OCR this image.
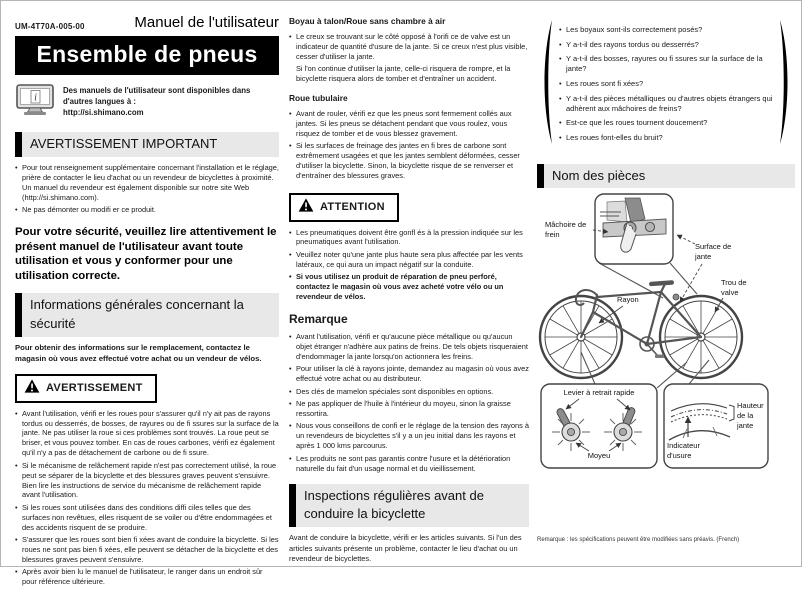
UM-4T70A-005-00	Manuel de l'utilisateur
Ensemble de pneus
i
Des manuels de l'utilisateur sont disponibles dans
d'autres langues à :
http://si.shimano.com
AVERTISSEMENT IMPORTANT
• Pour tout renseignement supplémentaire concernant l'installation et le réglage, prière de contacter le lieu d'achat ou un revendeur de bicyclettes à proximité. Un manuel du revendeur est également disponible sur notre site Web (http://si.shimano.com).
• Ne pas démonter ou modifi er ce produit.
Pour votre sécurité, veuillez lire attentivement le présent manuel de l'utilisateur avant toute utilisation et vous y conformer pour une utilisation correcte.
Informations générales concernant la sécurité
Pour obtenir des informations sur le remplacement, contactez le magasin où vous avez effectué votre achat ou un vendeur de vélos.
AVERTISSEMENT
• Avant l'utilisation, vérifi er les roues pour s'assurer qu'il n'y ait pas de rayons tordus ou desserrés, de bosses, de rayures ou de fi ssures sur la surface de la jante. Ne pas utiliser la roue si ces problèmes sont trouvés. La roue peut se briser, et vous pouvez tomber. En cas de roues carbones, vérifi ez également qu'il n'y a pas de détachement de carbone ou de fi ssure.
• Si le mécanisme de relâchement rapide n'est pas correctement utilisé, la roue peut se séparer de la bicyclette et des blessures graves peuvent s'ensuivre. Bien lire les instructions de service du mécanisme de relâchement rapide avant l'utilisation.
• Si les roues sont utilisées dans des conditions diffi ciles telles que des surfaces non revêtues, elles risquent de se voiler ou d'être endommagées et des accidents risquent de se produire.
• S'assurer que les roues sont bien fi xées avant de conduire la bicyclette. Si les roues ne sont pas bien fi xées, elle peuvent se détacher de la bicyclette et des blessures graves peuvent s'ensuivre.
• Après avoir bien lu le manuel de l'utilisateur, le ranger dans un endroit sûr pour référence ultérieure.
Boyau à talon/Roue sans chambre à air
• Le creux se trouvant sur le côté opposé à l'orifi ce de valve est un indicateur de quantité d'usure de la jante. Si ce creux n'est plus visible, cesser d'utiliser la jante.
Si l'on continue d'utiliser la jante, celle-ci risquera de rompre, et la bicyclette risquera alors de tomber et d'entraîner un accident.
Roue tubulaire
• Avant de rouler, vérifi ez que les pneus sont fermement collés aux jantes. Si les pneus se détachent pendant que vous roulez, vous risquez de tomber et de vous blessez gravement.
• Si les surfaces de freinage des jantes en fi bres de carbone sont extrêmement usagées et que les jantes semblent déformées, cesser d'utiliser la bicyclette. Sinon, la bicyclette risque de se renverser et d'entraîner des blessures graves.
ATTENTION
• Les pneumatiques doivent être gonfl és à la pression indiquée sur les pneumatiques avant l'utilisation.
• Veuillez noter qu'une jante plus haute sera plus affectée par les vents latéraux, ce qui aura un impact négatif sur la conduite.
• Si vous utilisez un produit de réparation de pneu perforé, contactez le magasin où vous avez acheté votre vélo ou un revendeur de vélos.
Remarque
• Avant l'utilisation, vérifi er qu'aucune pièce métallique ou qu'aucun objet étranger n'adhère aux patins de freins. De tels objets risqueraient d'endommager la jante lorsqu'on actionnera les freins.
• Pour utiliser la clé à rayons jointe, demandez au magasin où vous avez effectué votre achat ou au distributeur.
• Des clés de mamelon spéciales sont disponibles en options.
• Ne pas appliquer de l'huile à l'intérieur du moyeu, sinon la graisse ressortira.
• Nous vous conseillons de confi er le réglage de la tension des rayons à un revendeurs de bicyclettes s'il y a un jeu initial dans les rayons et après 1 000 kms parcourus.
• Les produits ne sont pas garantis contre l'usure et la détérioration naturelle du fait d'un usage normal et du vieillissement.
Inspections régulières avant de conduire la bicyclette
Avant de conduire la bicyclette, vérifi er les articles suivants. Si l'un des articles suivants présente un problème, contacter le lieu d'achat ou un revendeur de bicyclettes.
• Les boyaux sont-ils correctement posés?
• Y a-t-il des rayons tordus ou desserrés?
• Y a-t-il des bosses, rayures ou fi ssures sur la surface de la jante?
• Les roues sont fi xées?
• Y a-t-il des pièces métalliques ou d'autres objets étrangers qui adhèrent aux mâchoires de freins?
• Est-ce que les roues tournent doucement?
• Les roues font-elles du bruit?
Nom des pièces
Mâchoire de frein
Surface de jante
Trou de valve
Rayon
Levier à retrait rapide
Moyeu
Hauteur de la jante
Indicateur d'usure
Remarque : les spécifications peuvent être modifiées sans préavis. (French)
